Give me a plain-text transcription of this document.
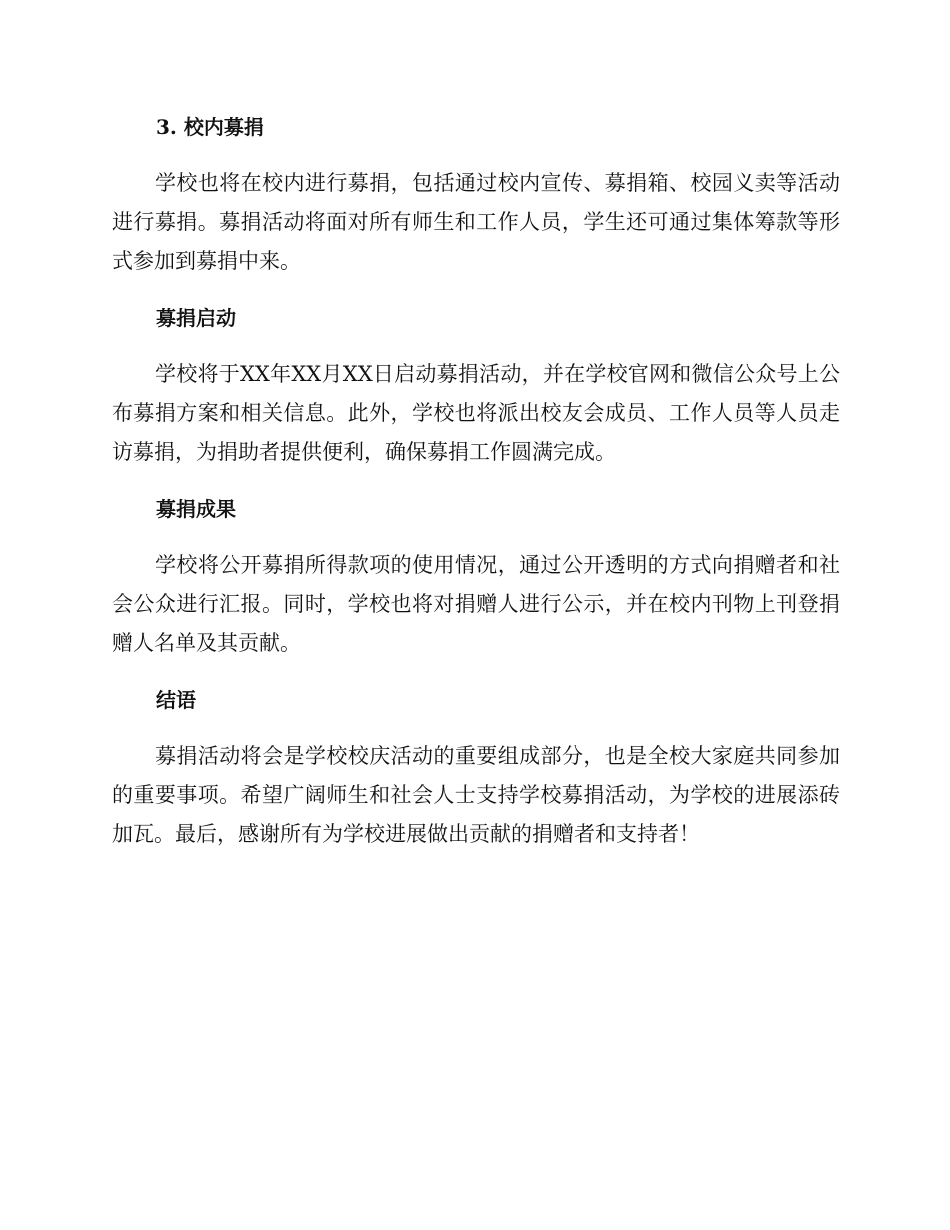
3. 校内募捐

学校也将在校内进行募捐，包括通过校内宣传、募捐箱、校园义卖等活动进行募捐。募捐活动将面对所有师生和工作人员，学生还可通过集体筹款等形式参加到募捐中来。

募捐启动

学校将于XX年XX月XX日启动募捐活动，并在学校官网和微信公众号上公布募捐方案和相关信息。此外，学校也将派出校友会成员、工作人员等人员走访募捐，为捐助者提供便利，确保募捐工作圆满完成。

募捐成果

学校将公开募捐所得款项的使用情况，通过公开透明的方式向捐赠者和社会公众进行汇报。同时，学校也将对捐赠人进行公示，并在校内刊物上刊登捐赠人名单及其贡献。

结语

募捐活动将会是学校校庆活动的重要组成部分，也是全校大家庭共同参加的重要事项。希望广阔师生和社会人士支持学校募捐活动，为学校的进展添砖加瓦。最后，感谢所有为学校进展做出贡献的捐赠者和支持者！
